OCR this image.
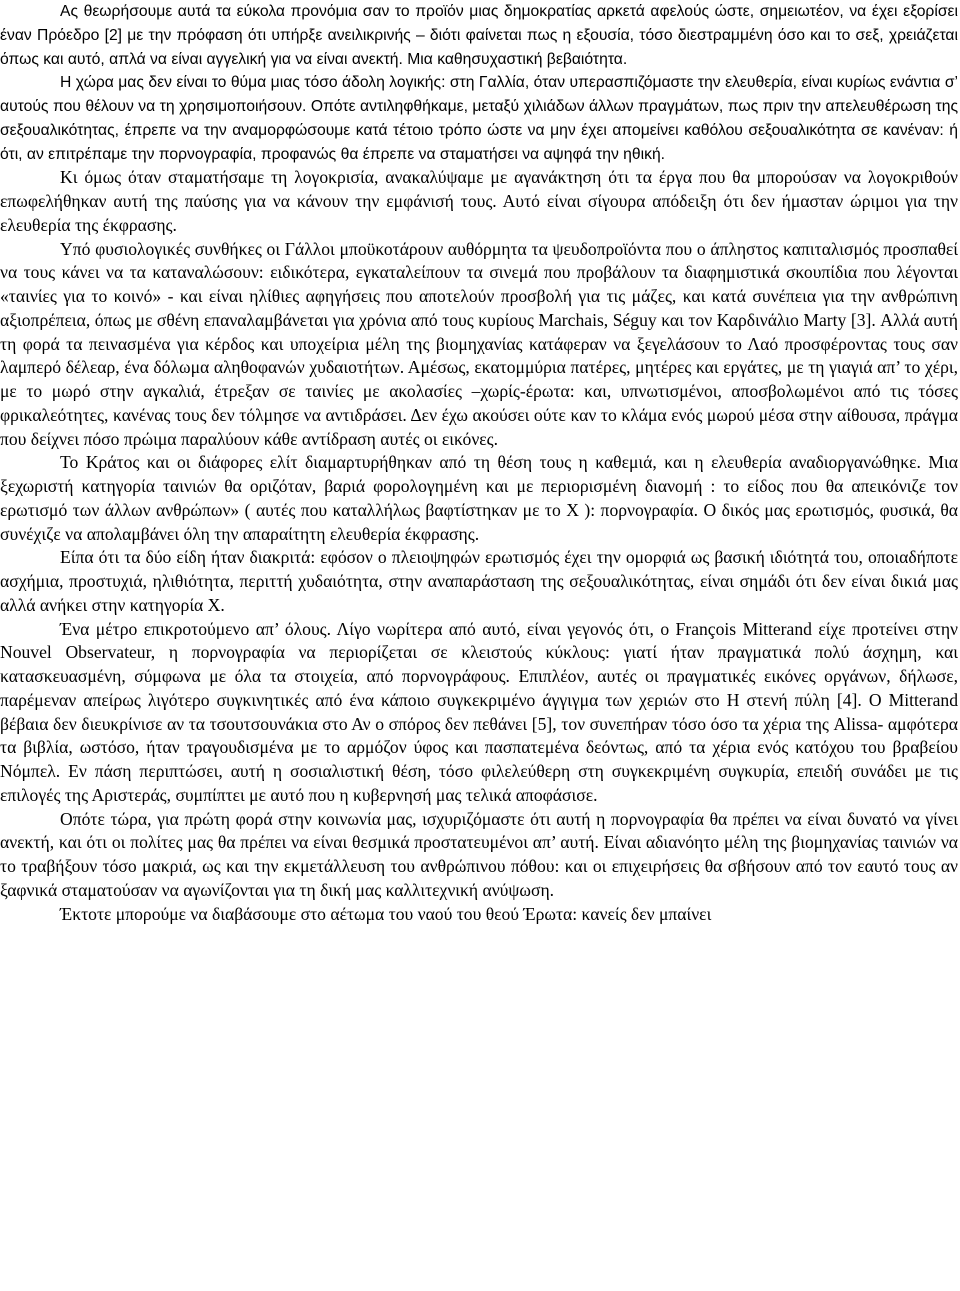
Ας θεωρήσουμε αυτά τα εύκολα προνόμια σαν το προϊόν μιας δημοκρατίας αρκετά αφελούς ώστε, σημειωτέον, να έχει εξορίσει έναν Πρόεδρο [2] με την πρόφαση ότι υπήρξε ανειλικρινής – διότι φαίνεται πως η εξουσία, τόσο διεστραμμένη όσο και το σεξ, χρειάζεται όπως και αυτό, απλά να είναι αγγελική για να είναι ανεκτή. Μια καθησυχαστική βεβαιότητα.

Η χώρα μας δεν είναι το θύμα μιας τόσο άδολη λογικής: στη Γαλλία, όταν υπερασπιζόμαστε την ελευθερία, είναι κυρίως ενάντια σ’ αυτούς που θέλουν να τη χρησιμοποιήσουν. Οπότε αντιληφθήκαμε, μεταξύ χιλιάδων άλλων πραγμάτων, πως πριν την απελευθέρωση της σεξουαλικότητας, έπρεπε να την αναμορφώσουμε κατά τέτοιο τρόπο ώστε να μην έχει απομείνει καθόλου σεξουαλικότητα σε κανέναν: ή ότι, αν επιτρέπαμε την πορνογραφία, προφανώς θα έπρεπε να σταματήσει να αψηφά την ηθική.

Κι όμως όταν σταματήσαμε τη λογοκρισία, ανακαλύψαμε με αγανάκτηση ότι τα έργα που θα μπορούσαν να λογοκριθούν επωφελήθηκαν αυτή της παύσης για να κάνουν την εμφάνισή τους. Αυτό είναι σίγουρα απόδειξη ότι δεν ήμασταν ώριμοι για την ελευθερία της έκφρασης.

Υπό φυσιολογικές συνθήκες οι Γάλλοι μποϋκοτάρουν αυθόρμητα τα ψευδοπροϊόντα που ο άπληστος καπιταλισμός προσπαθεί να τους κάνει να τα καταναλώσουν: ειδικότερα, εγκαταλείπουν τα σινεμά που προβάλουν τα διαφημιστικά σκουπίδια που λέγονται «ταινίες για το κοινό» - και είναι ηλίθιες αφηγήσεις που αποτελούν προσβολή για τις μάζες, και κατά συνέπεια για την ανθρώπινη αξιοπρέπεια, όπως με σθένη επαναλαμβάνεται για χρόνια από τους κυρίους Marchais, Séguy και τον Καρδινάλιο Marty [3]. Αλλά αυτή τη φορά τα πεινασμένα για κέρδος και υποχείρια μέλη της βιομηχανίας κατάφεραν να ξεγελάσουν το Λαό προσφέροντας τους σαν λαμπερό δέλεαρ, ένα δόλωμα αληθοφανών χυδαιοτήτων. Αμέσως, εκατομμύρια πατέρες, μητέρες και εργάτες, με τη γιαγιά απ’ το χέρι, με το μωρό στην αγκαλιά, έτρεξαν σε ταινίες με ακολασίες –χωρίς-έρωτα: και, υπνωτισμένοι, αποσβολωμένοι από τις τόσες φρικαλεότητες, κανένας τους δεν τόλμησε να αντιδράσει. Δεν έχω ακούσει ούτε καν το κλάμα ενός μωρού μέσα στην αίθουσα, πράγμα που δείχνει πόσο πρώιμα παραλύουν κάθε αντίδραση αυτές οι εικόνες.

Το Κράτος και οι διάφορες ελίτ διαμαρτυρήθηκαν από τη θέση τους η καθεμιά, και η ελευθερία αναδιοργανώθηκε. Μια ξεχωριστή κατηγορία ταινιών θα οριζόταν, βαριά φορολογημένη και με περιορισμένη διανομή : το είδος που θα απεικόνιζε τον ερωτισμό των άλλων ανθρώπων» ( αυτές που καταλλήλως βαφτίστηκαν με το Χ ): πορνογραφία. Ο δικός μας ερωτισμός, φυσικά, θα συνέχιζε να απολαμβάνει όλη την απαραίτητη ελευθερία έκφρασης.

Είπα ότι τα δύο είδη ήταν διακριτά: εφόσον ο πλειοψηφών ερωτισμός έχει την ομορφιά ως βασική ιδιότητά του, οποιαδήποτε ασχήμια, προστυχιά, ηλιθιότητα, περιττή χυδαιότητα, στην αναπαράσταση της σεξουαλικότητας, είναι σημάδι ότι δεν είναι δικιά μας αλλά ανήκει στην κατηγορία Χ.

Ένα μέτρο επικροτούμενο απ’ όλους. Λίγο νωρίτερα από αυτό, είναι γεγονός ότι, ο François Mitterand είχε προτείνει στην Nouvel Observateur, η πορνογραφία να περιορίζεται σε κλειστούς κύκλους: γιατί ήταν πραγματικά πολύ άσχημη, και κατασκευασμένη, σύμφωνα με όλα τα στοιχεία, από πορνογράφους. Επιπλέον, αυτές οι πραγματικές εικόνες οργάνων, δήλωσε, παρέμεναν απείρως λιγότερο συγκινητικές από ένα κάποιο συγκεκριμένο άγγιγμα των χεριών στο Η στενή πύλη [4]. Ο Mitterand βέβαια δεν διευκρίνισε αν τα τσουτσουνάκια στο Αν ο σπόρος δεν πεθάνει [5], τον συνεπήραν τόσο όσο τα χέρια της Alissa- αμφότερα τα βιβλία, ωστόσο, ήταν τραγουδισμένα με το αρμόζον ύφος και πασπατεμένα δεόντως, από τα χέρια ενός κατόχου του βραβείου Νόμπελ. Εν πάση περιπτώσει, αυτή η σοσιαλιστική θέση, τόσο φιλελεύθερη στη συγκεκριμένη συγκυρία, επειδή συνάδει με τις επιλογές της Αριστεράς, συμπίπτει με αυτό που η κυβερνησή μας τελικά αποφάσισε.

Οπότε τώρα, για πρώτη φορά στην κοινωνία μας, ισχυριζόμαστε ότι αυτή η πορνογραφία θα πρέπει να είναι δυνατό να γίνει ανεκτή, και ότι οι πολίτες μας θα πρέπει να είναι θεσμικά προστατευμένοι απ’ αυτή. Είναι αδιανόητο μέλη της βιομηχανίας ταινιών να το τραβήξουν τόσο μακριά, ως και την εκμετάλλευση του ανθρώπινου πόθου: και οι επιχειρήσεις θα σβήσουν από τον εαυτό τους αν ξαφνικά σταματούσαν να αγωνίζονται για τη δική μας καλλιτεχνική ανύψωση.

Έκτοτε μπορούμε να διαβάσουμε στο αέτωμα του ναού του θεού Έρωτα: κανείς δεν μπαίνει
